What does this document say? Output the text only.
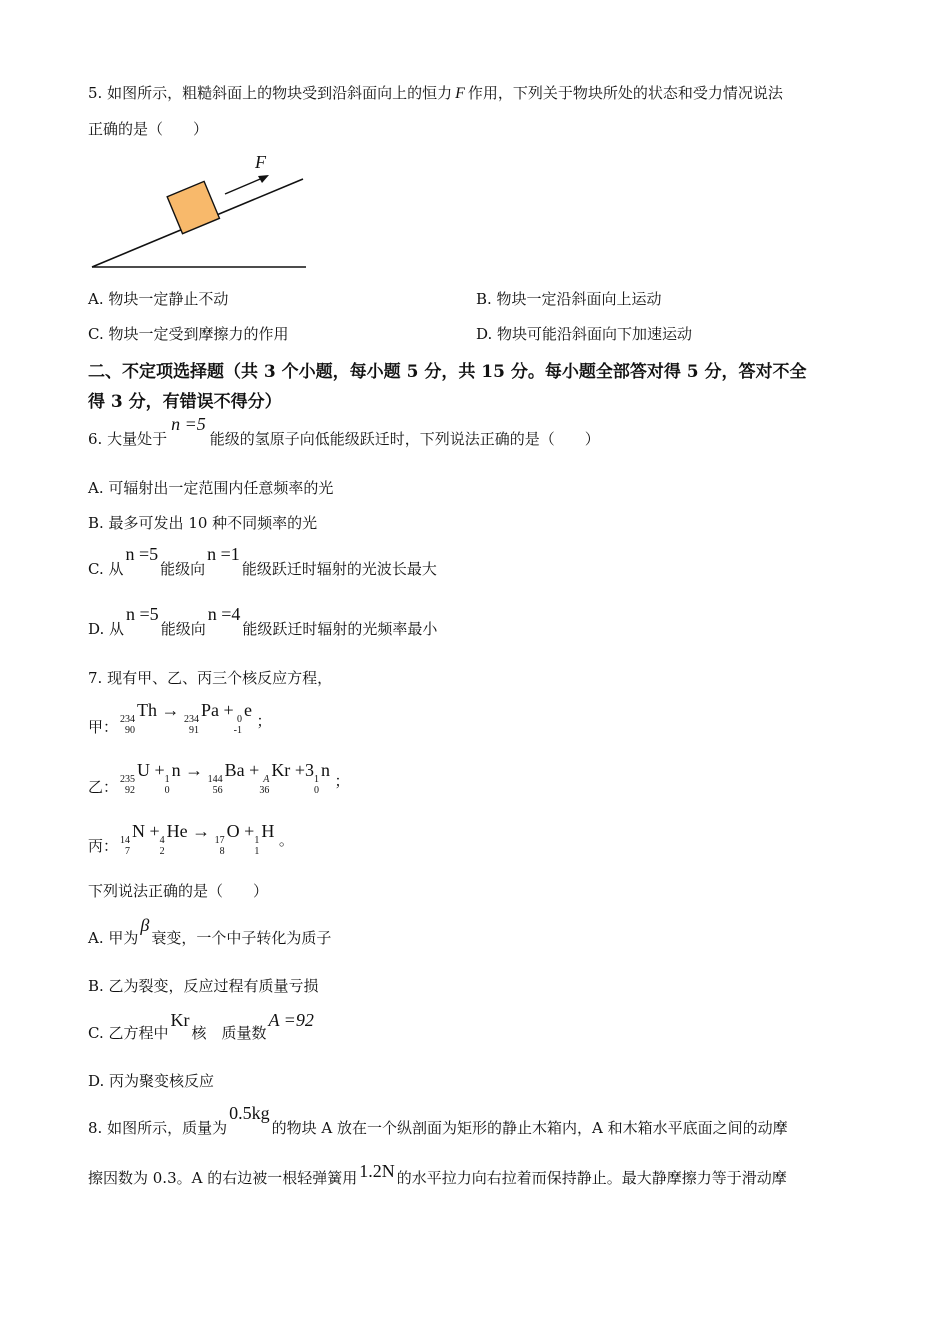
5. 如图所示，粗糙斜面上的物块受到沿斜面向上的恒力 F 作用，下列关于物块所处的状态和受力情况说法
正确的是（　　）
F
A. 物块一定静止不动	B. 物块一定沿斜面向上运动
C. 物块一定受到摩擦力的作用	D. 物块可能沿斜面向下加速运动
二、不定项选择题（共 3 个小题，每小题 5 分，共 15 分。每小题全部答对得 5 分，答对不全
得 3 分，有错误不得分）
6. 大量处于n =5能级的氢原子向低能级跃迁时，下列说法正确的是（　　）
A. 可辐射出一定范围内任意频率的光
B. 最多可发出 10 种不同频率的光
C. 从n =5能级向n =1能级跃迁时辐射的光波长最大
D. 从n =5能级向n =4能级跃迁时辐射的光频率最小
7. 现有甲、乙、丙三个核反应方程，
甲： 234
90
Th → 234
91
Pa + 0
-1
e $_;$
乙： 235
92
U + 1
0
n → 144
56
Ba + A
36
Kr +3 1
0
n $_;$
丙： 14
7
N + 4
2
He → 17
8
O + 1
1
H $_。$
下列说法正确的是（　　）
A. 甲为β衰变，一个中子转化为质子
B. 乙为裂变，反应过程有质量亏损
C. 乙方程中Kr核　质量数A =92
D. 丙为聚变核反应
8. 如图所示，质量为0.5kg的物块 A 放在一个纵剖面为矩形的静止木箱内，A 和木箱水平底面之间的动摩
擦因数为 0.3。A 的右边被一根轻弹簧用 1.2N 的水平拉力向右拉着而保持静止。最大静摩擦力等于滑动摩
